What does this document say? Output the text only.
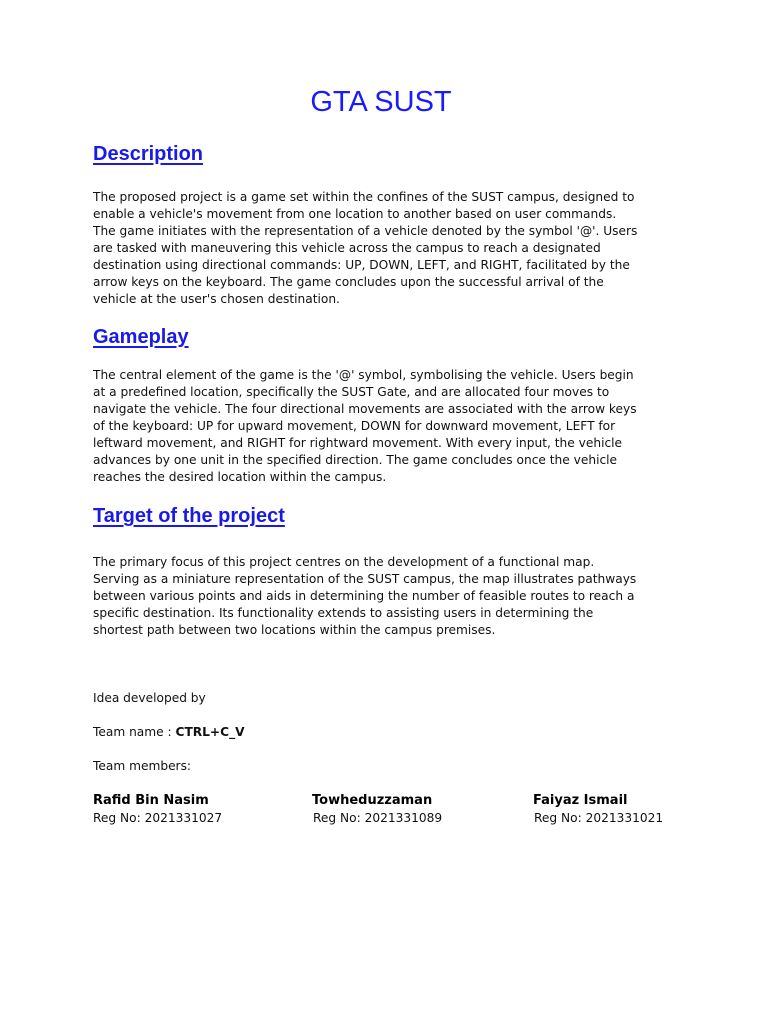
GTA SUST
Description
The proposed project is a game set within the confines of the SUST campus, designed to
enable a vehicle's movement from one location to another based on user commands.
The game initiates with the representation of a vehicle denoted by the symbol '@'. Users
are tasked with maneuvering this vehicle across the campus to reach a designated
destination using directional commands: UP, DOWN, LEFT, and RIGHT, facilitated by the
arrow keys on the keyboard. The game concludes upon the successful arrival of the
vehicle at the user's chosen destination.
Gameplay
The central element of the game is the '@' symbol, symbolising the vehicle. Users begin
at a predefined location, specifically the SUST Gate, and are allocated four moves to
navigate the vehicle. The four directional movements are associated with the arrow keys
of the keyboard: UP for upward movement, DOWN for downward movement, LEFT for
leftward movement, and RIGHT for rightward movement. With every input, the vehicle
advances by one unit in the specified direction. The game concludes once the vehicle
reaches the desired location within the campus.
Target of the project
The primary focus of this project centres on the development of a functional map.
Serving as a miniature representation of the SUST campus, the map illustrates pathways
between various points and aids in determining the number of feasible routes to reach a
specific destination. Its functionality extends to assisting users in determining the
shortest path between two locations within the campus premises.

Idea developed by

Team name : CTRL+C_V

Team members:

Rafid Bin Nasim

Reg No: 2021331027

Towheduzzaman

Reg No: 2021331089

Faiyaz Ismail

Reg No: 2021331021
